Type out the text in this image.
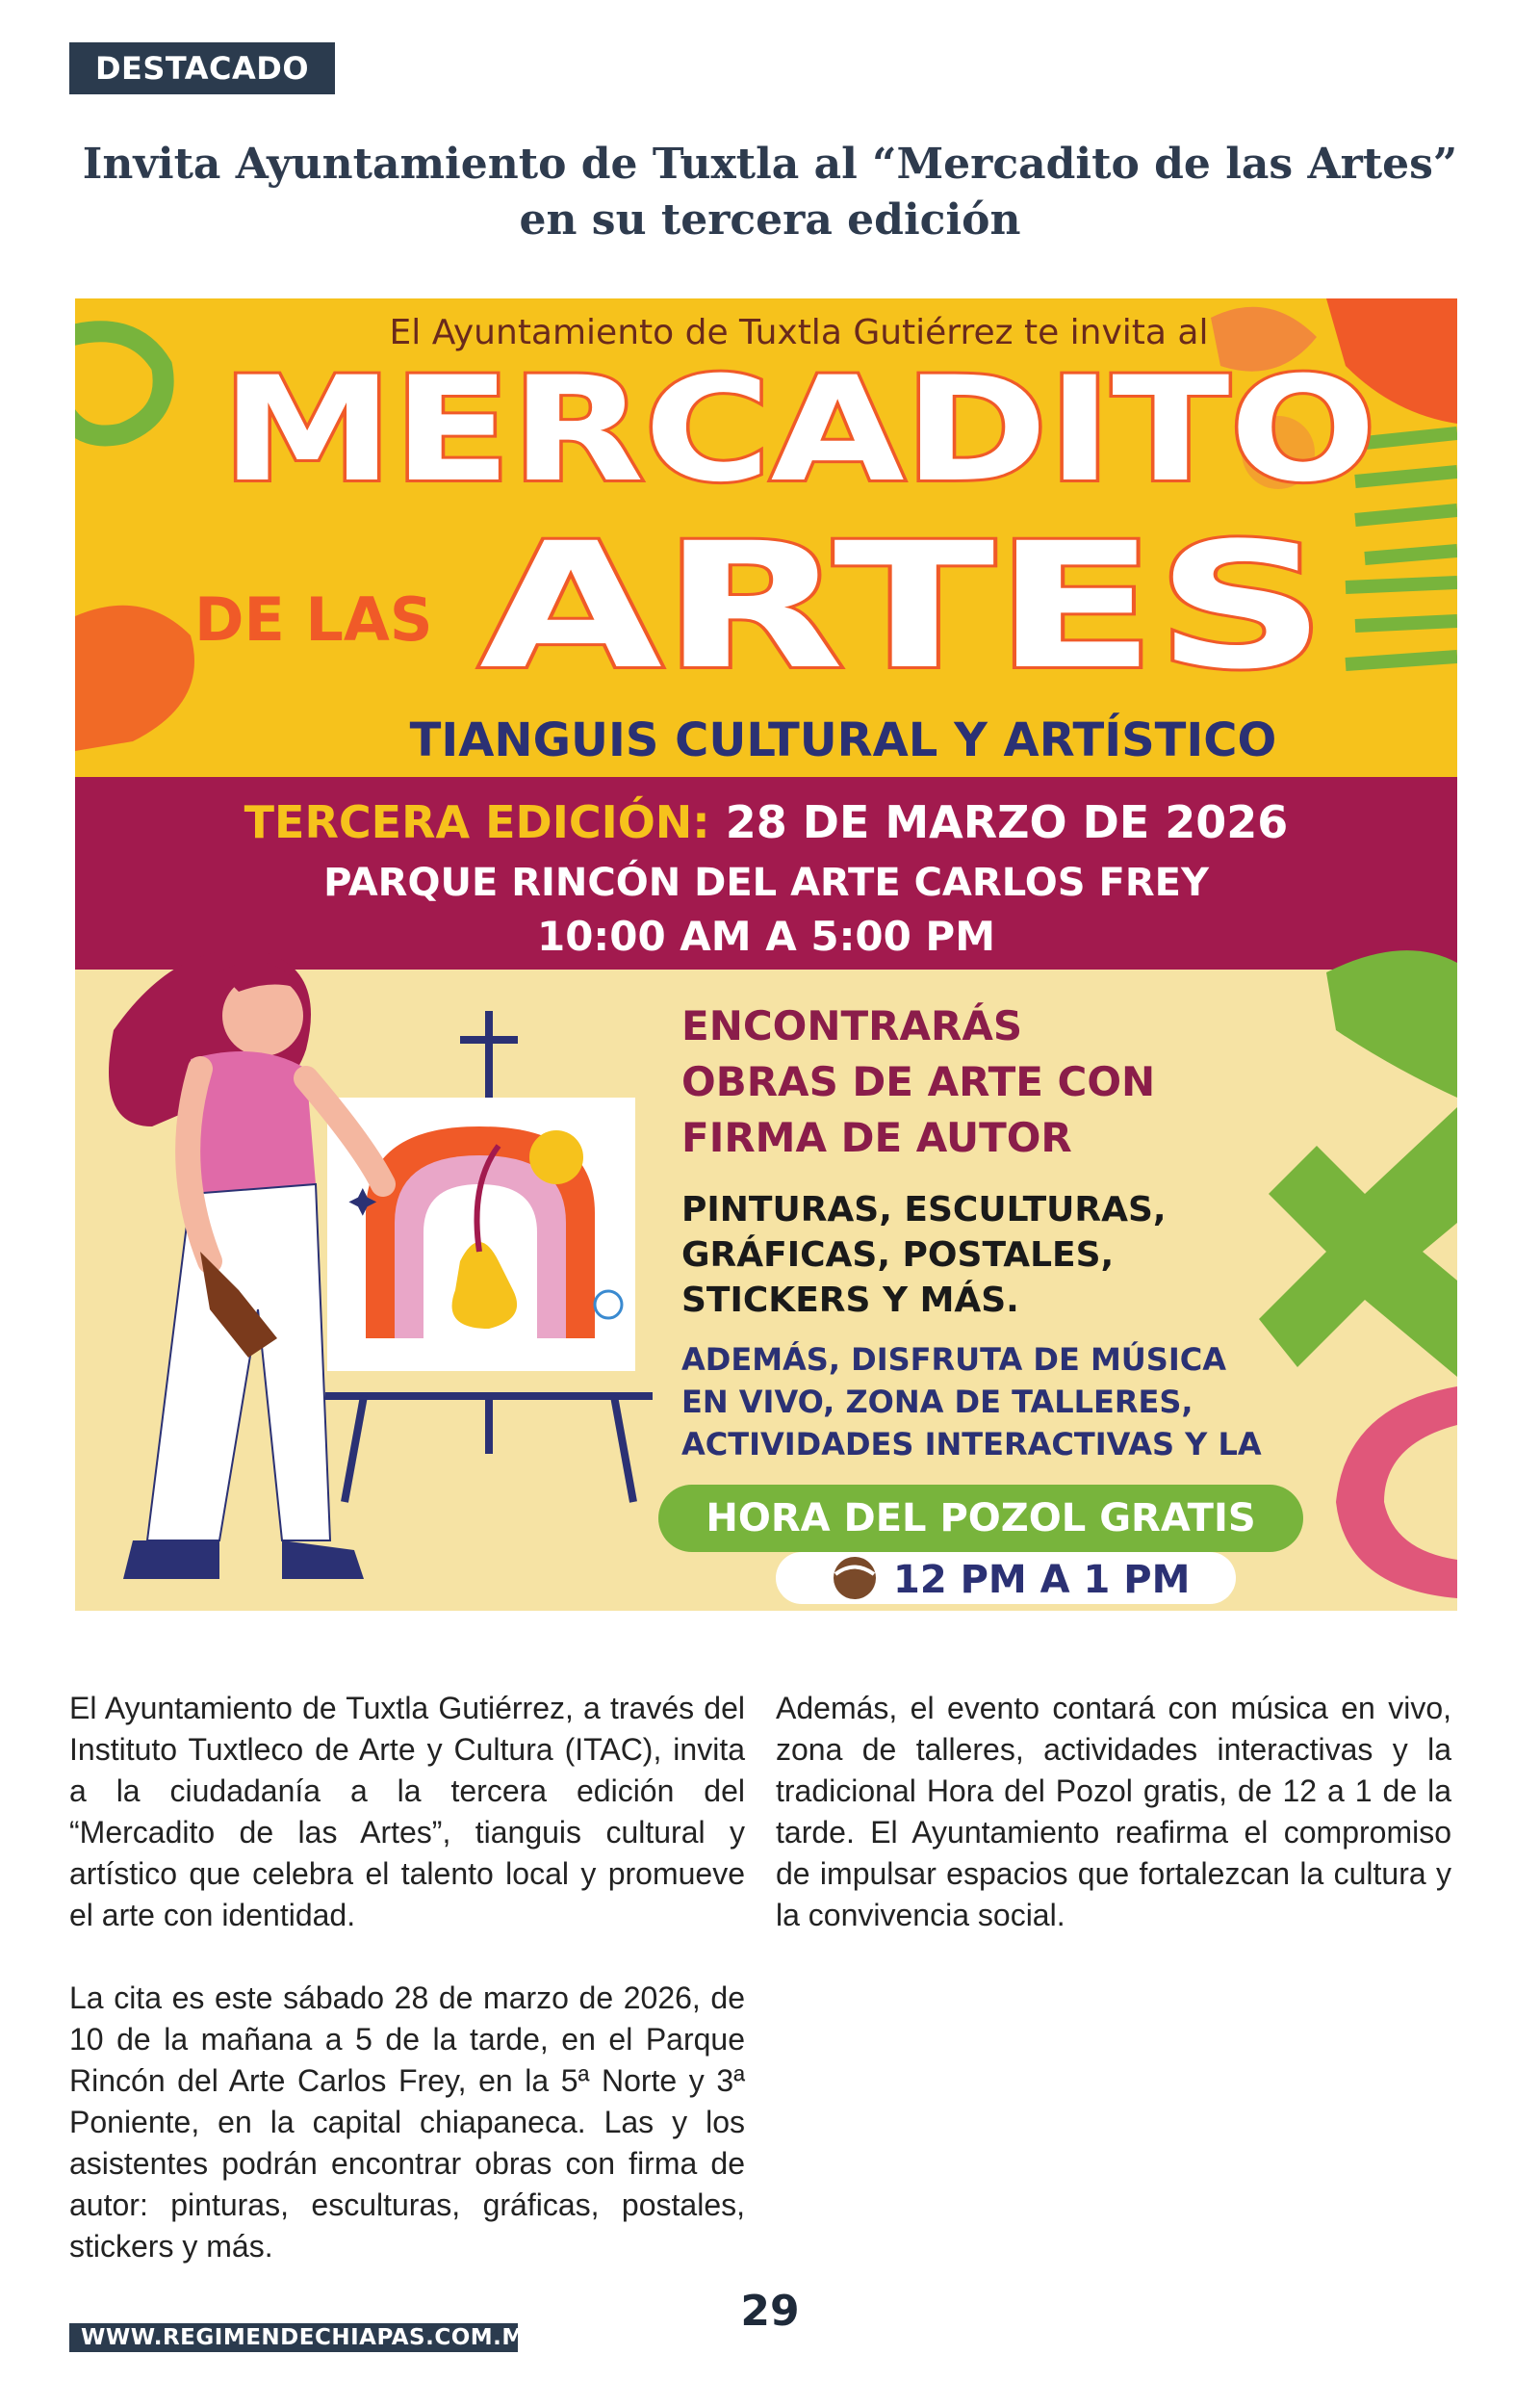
DESTACADO
Invita Ayuntamiento de Tuxtla al “Mercadito de las Artes”
en su tercera edición
El Ayuntamiento de Tuxtla Gutiérrez te invita al
MERCADITO
DE LAS ARTES
TIANGUIS CULTURAL Y ARTÍSTICO
TERCERA EDICIÓN: 28 DE MARZO DE 2026
PARQUE RINCÓN DEL ARTE CARLOS FREY
10:00 AM A 5:00 PM
ENCONTRARÁS
OBRAS DE ARTE CON
FIRMA DE AUTOR
PINTURAS, ESCULTURAS,
GRÁFICAS, POSTALES,
STICKERS Y MÁS.
ADEMÁS, DISFRUTA DE MÚSICA
EN VIVO, ZONA DE TALLERES,
ACTIVIDADES INTERACTIVAS Y LA
HORA DEL POZOL GRATIS
12 PM A 1 PM

El Ayuntamiento de Tuxtla Gutiérrez, a través del Instituto Tuxtleco de Arte y Cultura (ITAC), invita a la ciudadanía a la tercera edición del “Mercadito de las Artes”, tianguis cultural y artístico que celebra el talento local y promueve el arte con identidad.

La cita es este sábado 28 de marzo de 2026, de 10 de la mañana a 5 de la tarde, en el Parque Rincón del Arte Carlos Frey, en la 5ª Norte y 3ª Poniente, en la capital chiapaneca. Las y los asistentes podrán encontrar obras con firma de autor: pinturas, esculturas, gráficas, postales, stickers y más.

Además, el evento contará con música en vivo, zona de talleres, actividades interactivas y la tradicional Hora del Pozol gratis, de 12 a 1 de la tarde. El Ayuntamiento reafirma el compromiso de impulsar espacios que fortalezcan la cultura y la convivencia social.

29
WWW.REGIMENDECHIAPAS.COM.MX
